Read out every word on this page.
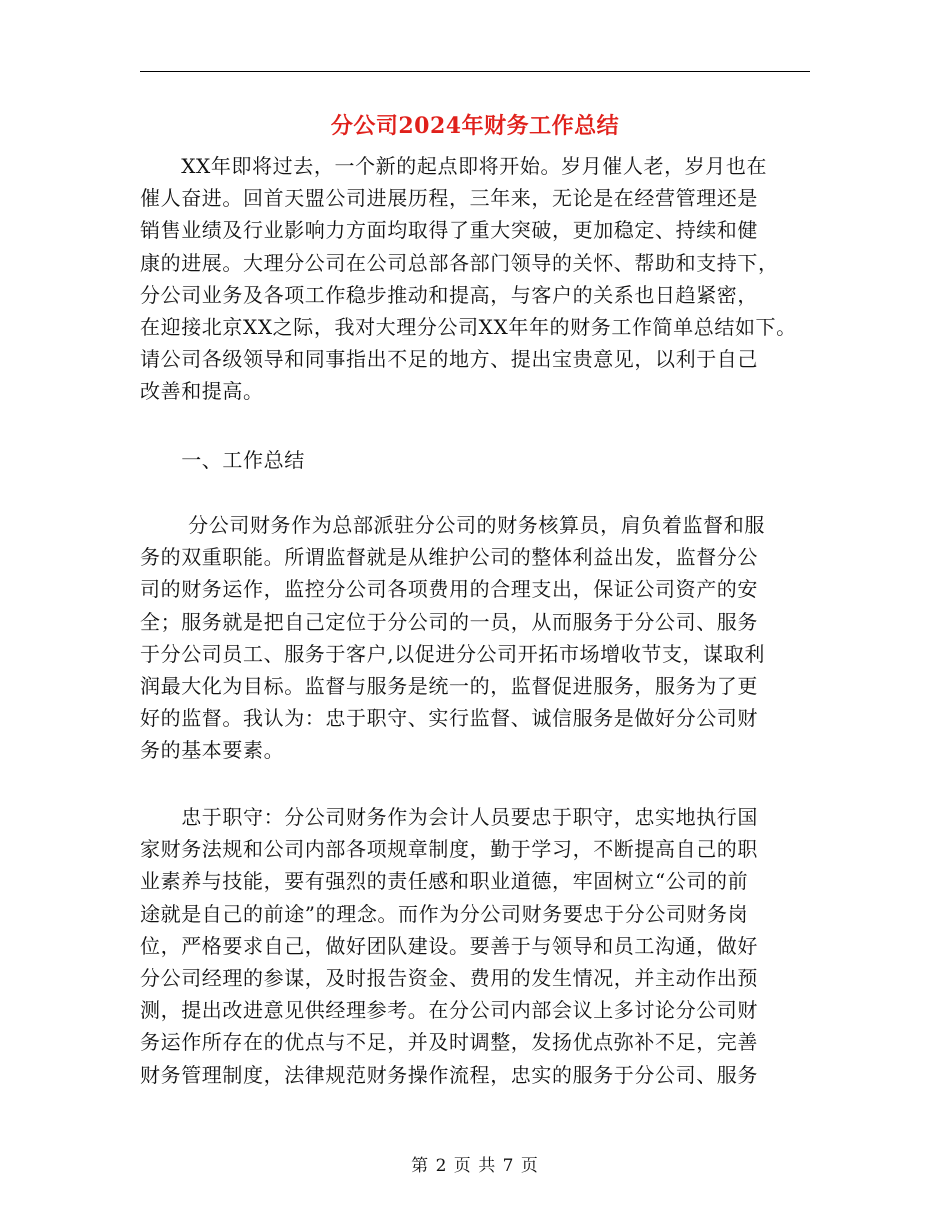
分公司2024年财务工作总结
　　XX年即将过去，一个新的起点即将开始。岁月催人老，岁月也在
催人奋进。回首天盟公司进展历程，三年来，无论是在经营管理还是
销售业绩及行业影响力方面均取得了重大突破，更加稳定、持续和健
康的进展。大理分公司在公司总部各部门领导的关怀、帮助和支持下，
分公司业务及各项工作稳步推动和提高，与客户的关系也日趋紧密，
在迎接北京XX之际，我对大理分公司XX年年的财务工作简单总结如下。
请公司各级领导和同事指出不足的地方、提出宝贵意见，以利于自己
改善和提高。
　　一、工作总结
　　 分公司财务作为总部派驻分公司的财务核算员，肩负着监督和服
务的双重职能。所谓监督就是从维护公司的整体利益出发，监督分公
司的财务运作，监控分公司各项费用的合理支出，保证公司资产的安
全；服务就是把自己定位于分公司的一员，从而服务于分公司、服务
于分公司员工、服务于客户,以促进分公司开拓市场增收节支，谋取利
润最大化为目标。监督与服务是统一的，监督促进服务，服务为了更
好的监督。我认为：忠于职守、实行监督、诚信服务是做好分公司财
务的基本要素。
　　忠于职守：分公司财务作为会计人员要忠于职守，忠实地执行国
家财务法规和公司内部各项规章制度，勤于学习，不断提高自己的职
业素养与技能，要有强烈的责任感和职业道德，牢固树立“公司的前
途就是自己的前途”的理念。而作为分公司财务要忠于分公司财务岗
位，严格要求自己，做好团队建设。要善于与领导和员工沟通，做好
分公司经理的参谋，及时报告资金、费用的发生情况，并主动作出预
测，提出改进意见供经理参考。在分公司内部会议上多讨论分公司财
务运作所存在的优点与不足，并及时调整，发扬优点弥补不足，完善
财务管理制度，法律规范财务操作流程，忠实的服务于分公司、服务
第 2 页 共 7 页
